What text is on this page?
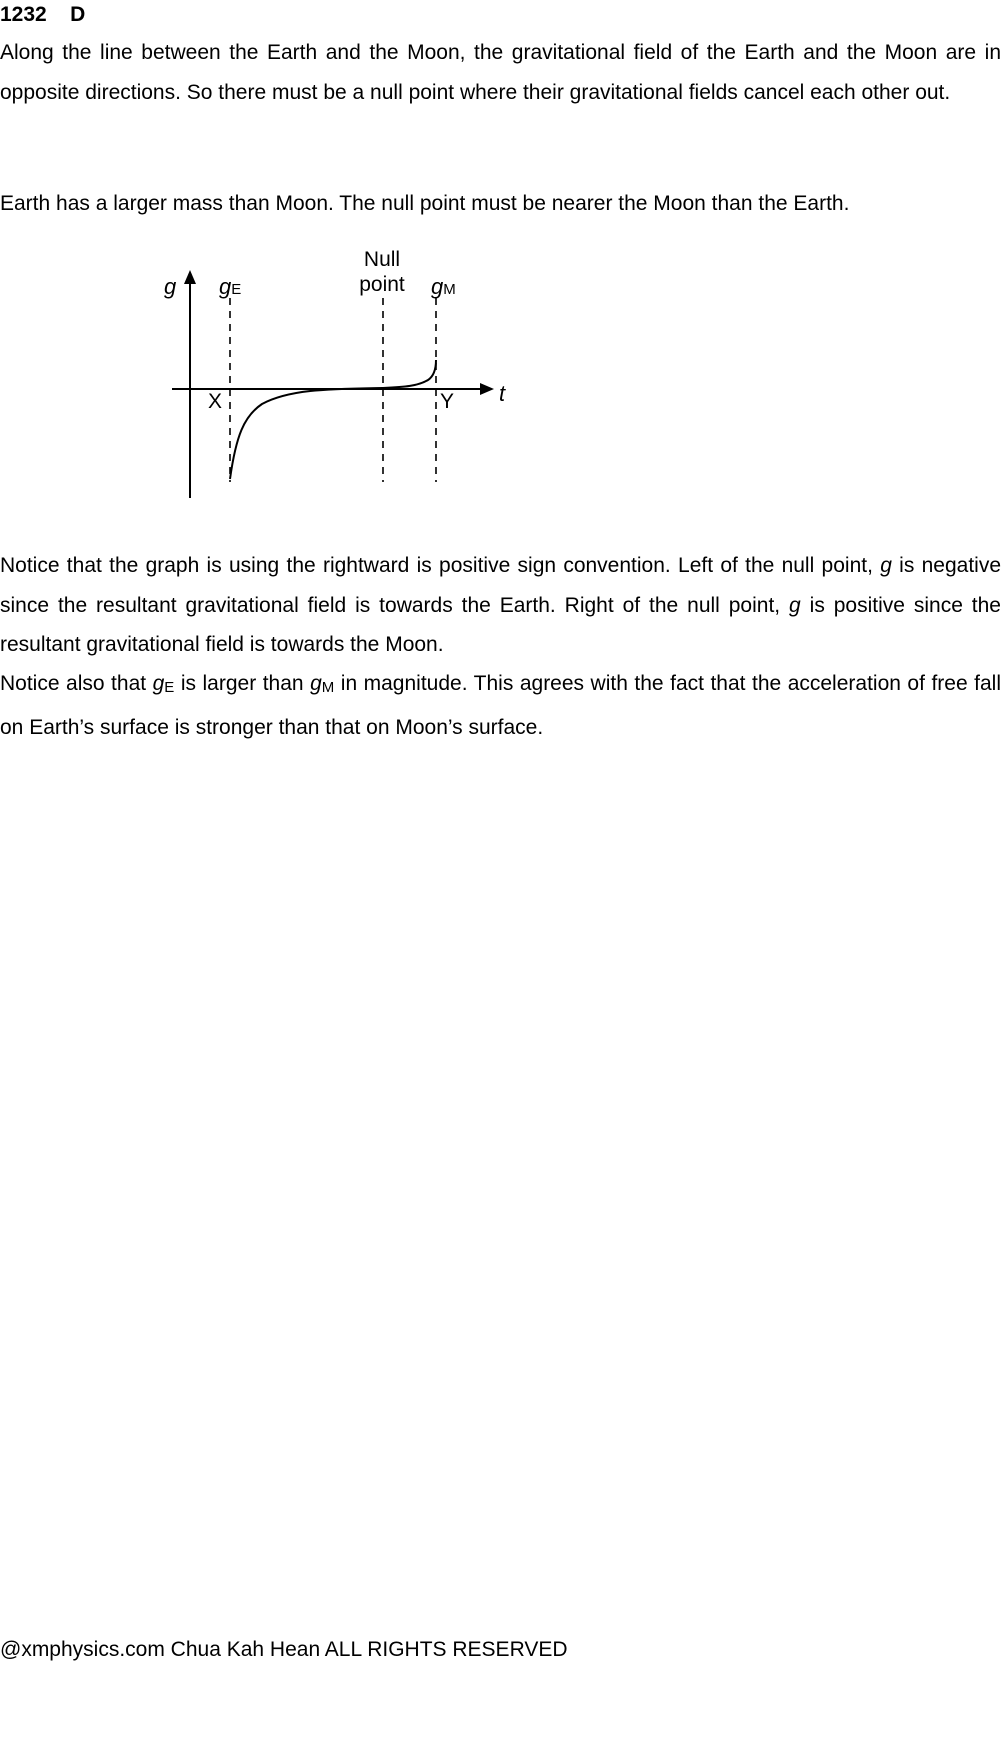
1232 D

Along the line between the Earth and the Moon, the gravitational field of the Earth and the Moon are in opposite directions. So there must be a null point where their gravitational fields cancel each other out.

Earth has a larger mass than Moon. The null point must be nearer the Moon than the Earth.

g
t
gE	gM
Null
point
X	Y

Notice that the graph is using the rightward is positive sign convention. Left of the null point, g is negative since the resultant gravitational field is towards the Earth. Right of the null point, g is positive since the resultant gravitational field is towards the Moon.

Notice also that $g_E$ is larger than $g_M$ in magnitude. This agrees with the fact that the acceleration of free fall on Earth’s surface is stronger than that on Moon’s surface.

@xmphysics.com Chua Kah Hean ALL RIGHTS RESERVED
